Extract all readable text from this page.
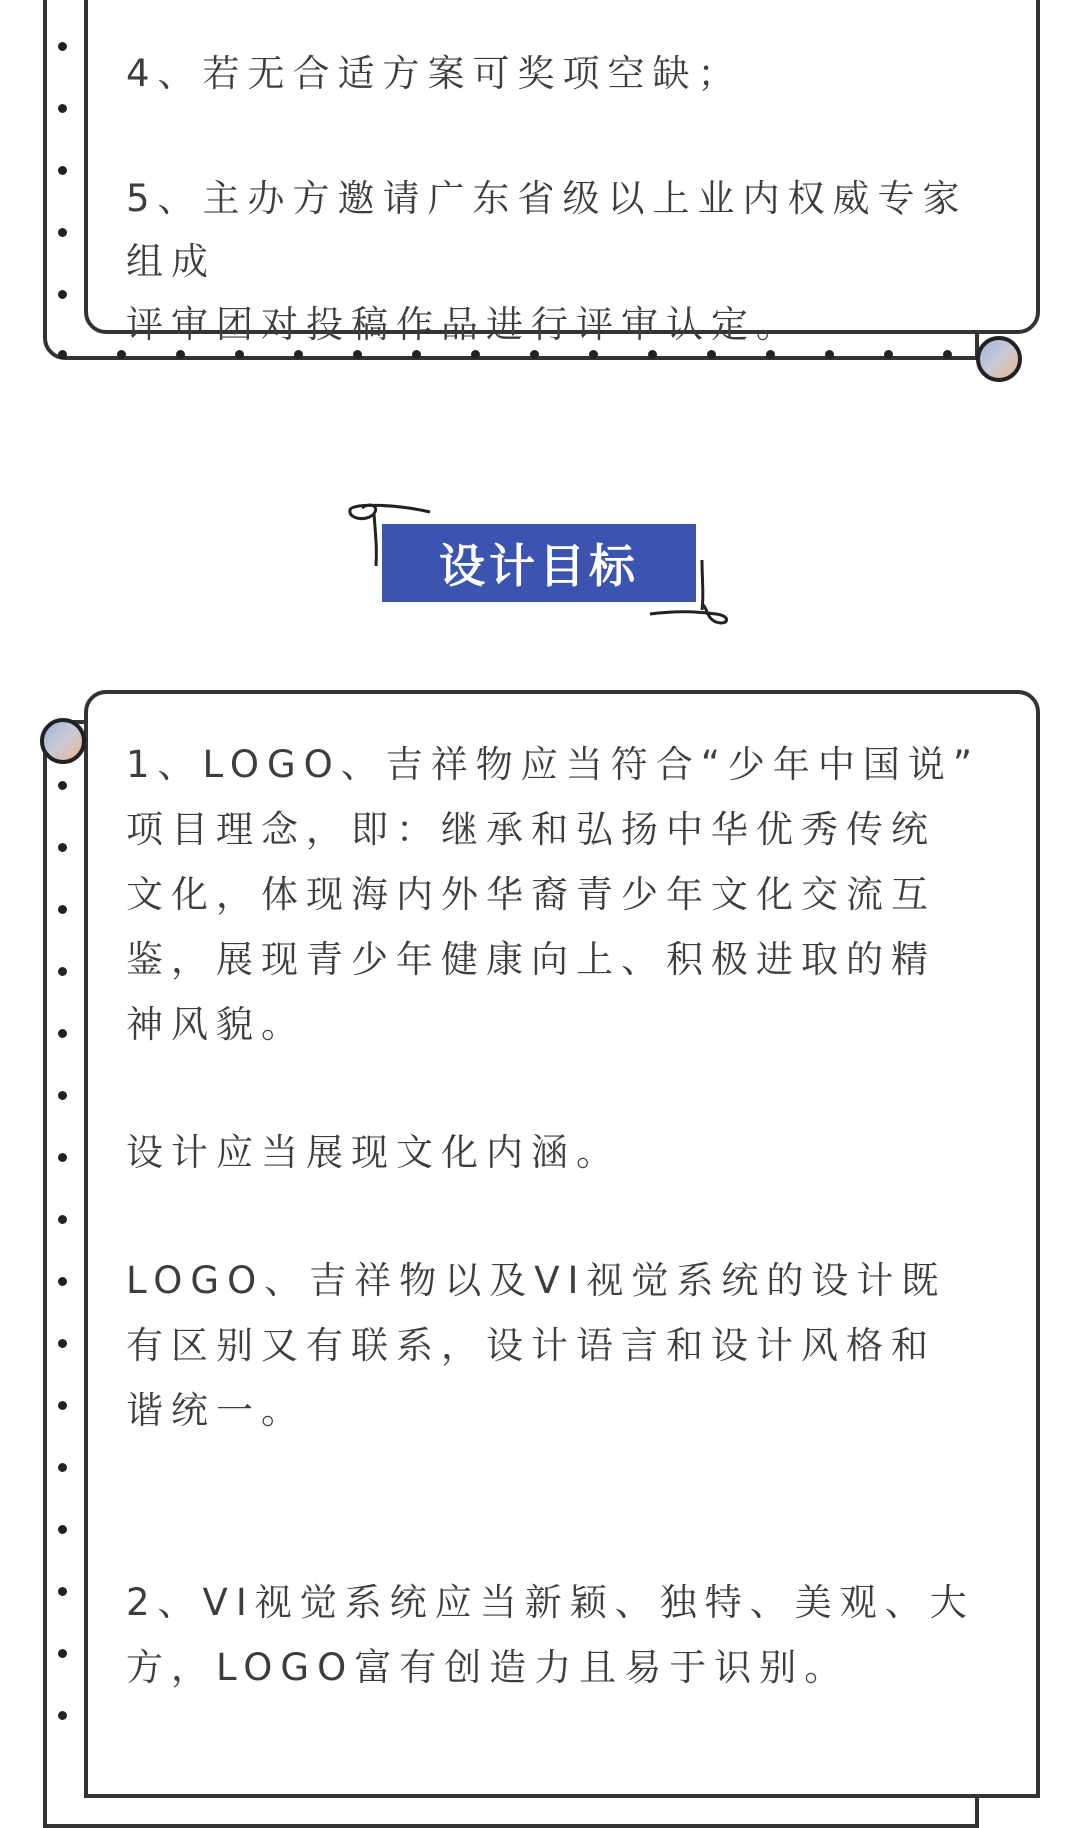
4、若无合适方案可奖项空缺；

5、主办方邀请广东省级以上业内权威专家组成
评审团对投稿作品进行评审认定。

设计目标

1、LOGO、吉祥物应当符合“少年中国说”
项目理念，即：继承和弘扬中华优秀传统
文化，体现海内外华裔青少年文化交流互
鉴，展现青少年健康向上、积极进取的精
神风貌。

设计应当展现文化内涵。

LOGO、吉祥物以及VI视觉系统的设计既
有区别又有联系，设计语言和设计风格和
谐统一。

2、VI视觉系统应当新颖、独特、美观、大
方，LOGO富有创造力且易于识别。
